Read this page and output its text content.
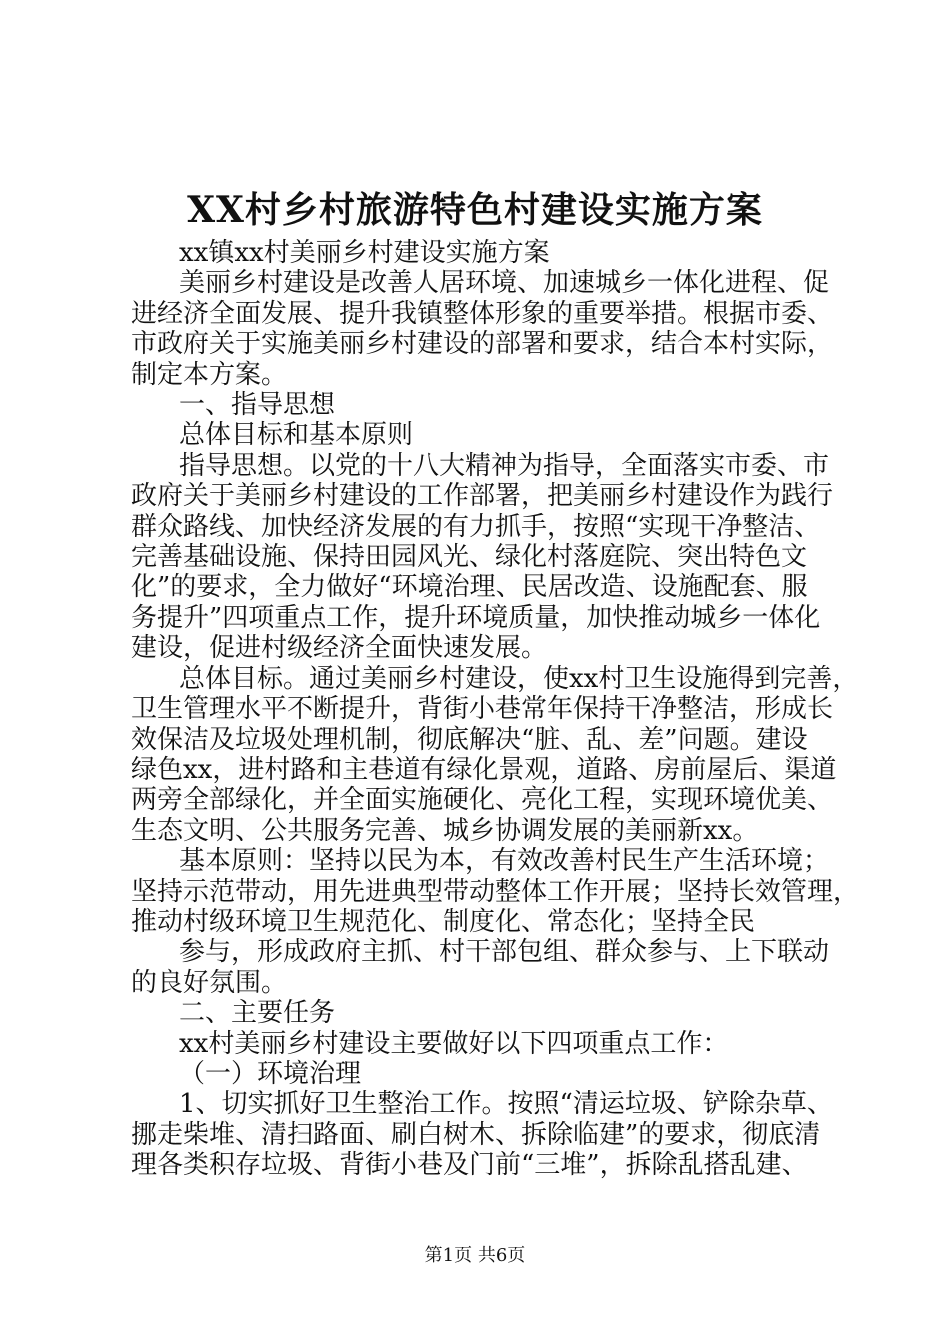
XX村乡村旅游特色村建设实施方案

xx镇xx村美丽乡村建设实施方案

美丽乡村建设是改善人居环境、加速城乡一体化进程、促

进经济全面发展、提升我镇整体形象的重要举措。根据市委、

市政府关于实施美丽乡村建设的部署和要求，结合本村实际，

制定本方案。

一、指导思想

总体目标和基本原则

指导思想。以党的十八大精神为指导，全面落实市委、市

政府关于美丽乡村建设的工作部署，把美丽乡村建设作为践行

群众路线、加快经济发展的有力抓手，按照“实现干净整洁、

完善基础设施、保持田园风光、绿化村落庭院、突出特色文

化”的要求，全力做好“环境治理、民居改造、设施配套、服

务提升”四项重点工作，提升环境质量，加快推动城乡一体化

建设，促进村级经济全面快速发展。

总体目标。通过美丽乡村建设，使xx村卫生设施得到完善，

卫生管理水平不断提升，背街小巷常年保持干净整洁，形成长

效保洁及垃圾处理机制，彻底解决“脏、乱、差”问题。建设

绿色xx，进村路和主巷道有绿化景观，道路、房前屋后、渠道

两旁全部绿化，并全面实施硬化、亮化工程，实现环境优美、

生态文明、公共服务完善、城乡协调发展的美丽新xx。

基本原则：坚持以民为本，有效改善村民生产生活环境；

坚持示范带动，用先进典型带动整体工作开展；坚持长效管理，

推动村级环境卫生规范化、制度化、常态化；坚持全民

参与，形成政府主抓、村干部包组、群众参与、上下联动

的良好氛围。

二、主要任务

xx村美丽乡村建设主要做好以下四项重点工作：

（一）环境治理

1、切实抓好卫生整治工作。按照“清运垃圾、铲除杂草、

挪走柴堆、清扫路面、刷白树木、拆除临建”的要求，彻底清

理各类积存垃圾、背街小巷及门前“三堆”，拆除乱搭乱建、

第1页 共6页
